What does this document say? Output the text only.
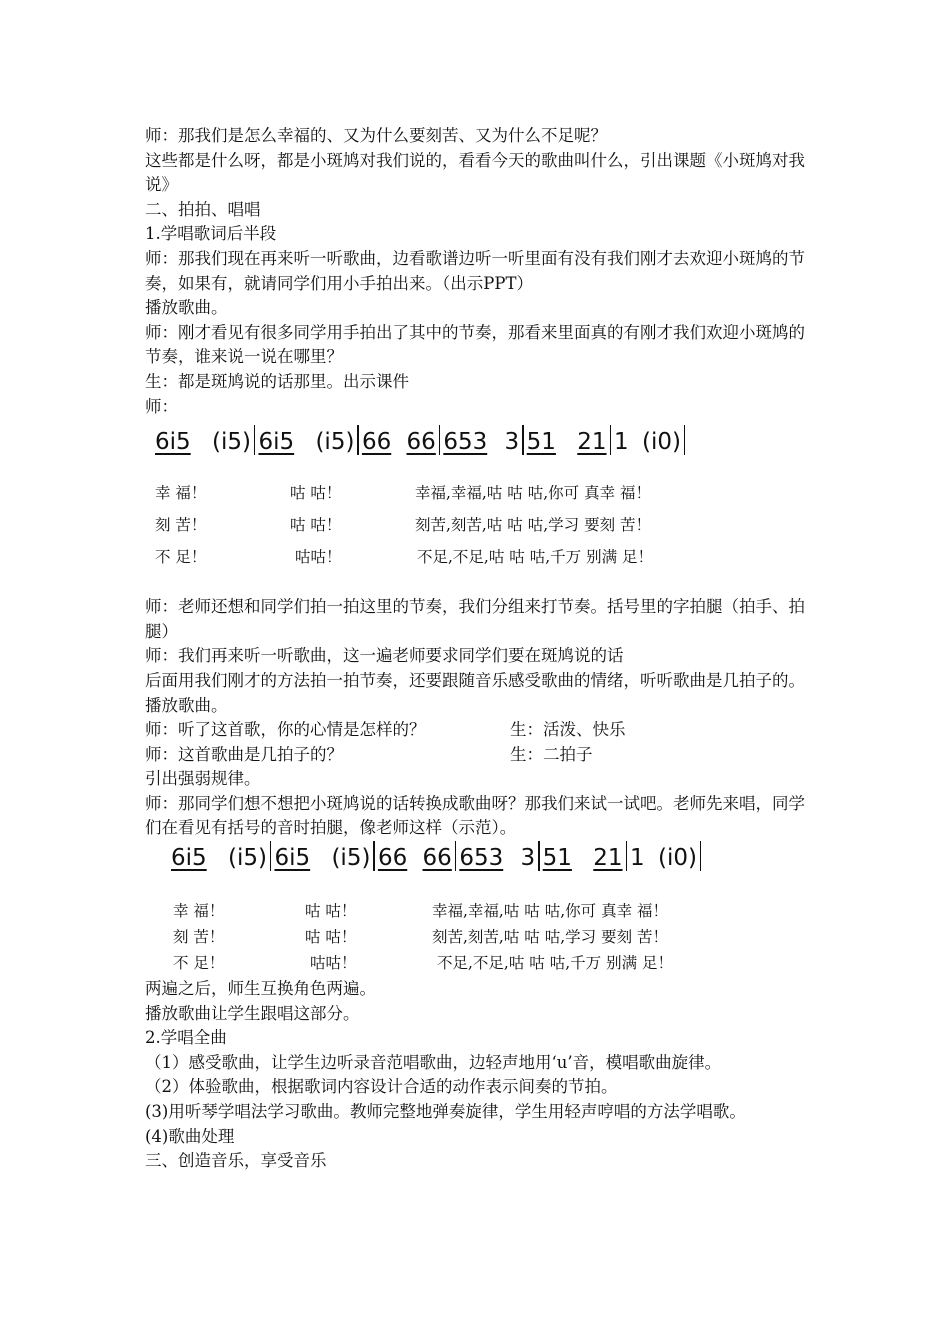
师：那我们是怎么幸福的、又为什么要刻苦、又为什么不足呢？

这些都是什么呀，都是小斑鸠对我们说的，看看今天的歌曲叫什么，引出课题《小斑鸠对我说》

二、拍拍、唱唱

1.学唱歌词后半段

师：那我们现在再来听一听歌曲，边看歌谱边听一听里面有没有我们刚才去欢迎小斑鸠的节奏，如果有，就请同学们用小手拍出来。（出示PPT）

播放歌曲。

师：刚才看见有很多同学用手拍出了其中的节奏，那看来里面真的有刚才我们欢迎小斑鸠的节奏，谁来说一说在哪里？

生：都是斑鸠说的话那里。出示课件

师：

6i5 (i5) 6i5 (i5) 66 66 653 3 51 21 1 (i0)
幸 福！	咕 咕！	幸福,幸福,咕 咕 咕,你可 真幸 福！
刻 苦！	咕 咕！	刻苦,刻苦,咕 咕 咕,学习 要刻 苦！
不 足！	咕咕！	不足,不足,咕 咕 咕,千万 别满 足！

师：老师还想和同学们拍一拍这里的节奏，我们分组来打节奏。括号里的字拍腿（拍手、拍腿）

师：我们再来听一听歌曲，这一遍老师要求同学们要在斑鸠说的话

后面用我们刚才的方法拍一拍节奏，还要跟随音乐感受歌曲的情绪，听听歌曲是几拍子的。播放歌曲。

师：听了这首歌，你的心情是怎样的？	生：活泼、快乐
师：这首歌曲是几拍子的？	生：二拍子

引出强弱规律。

师：那同学们想不想把小斑鸠说的话转换成歌曲呀？那我们来试一试吧。老师先来唱，同学们在看见有括号的音时拍腿，像老师这样（示范）。

6i5 (i5) 6i5 (i5) 66 66 653 3 51 21 1 (i0)
幸 福！	咕 咕！	幸福,幸福,咕 咕 咕,你可 真幸 福！
刻 苦！	咕 咕！	刻苦,刻苦,咕 咕 咕,学习 要刻 苦！
不 足！	咕咕！	不足,不足,咕 咕 咕,千万 别满 足！

两遍之后，师生互换角色两遍。

播放歌曲让学生跟唱这部分。

2.学唱全曲

（1）感受歌曲，让学生边听录音范唱歌曲，边轻声地用‘u’音，模唱歌曲旋律。

（2）体验歌曲，根据歌词内容设计合适的动作表示间奏的节拍。

(3)用听琴学唱法学习歌曲。教师完整地弹奏旋律，学生用轻声哼唱的方法学唱歌。

(4)歌曲处理

三、创造音乐，享受音乐
